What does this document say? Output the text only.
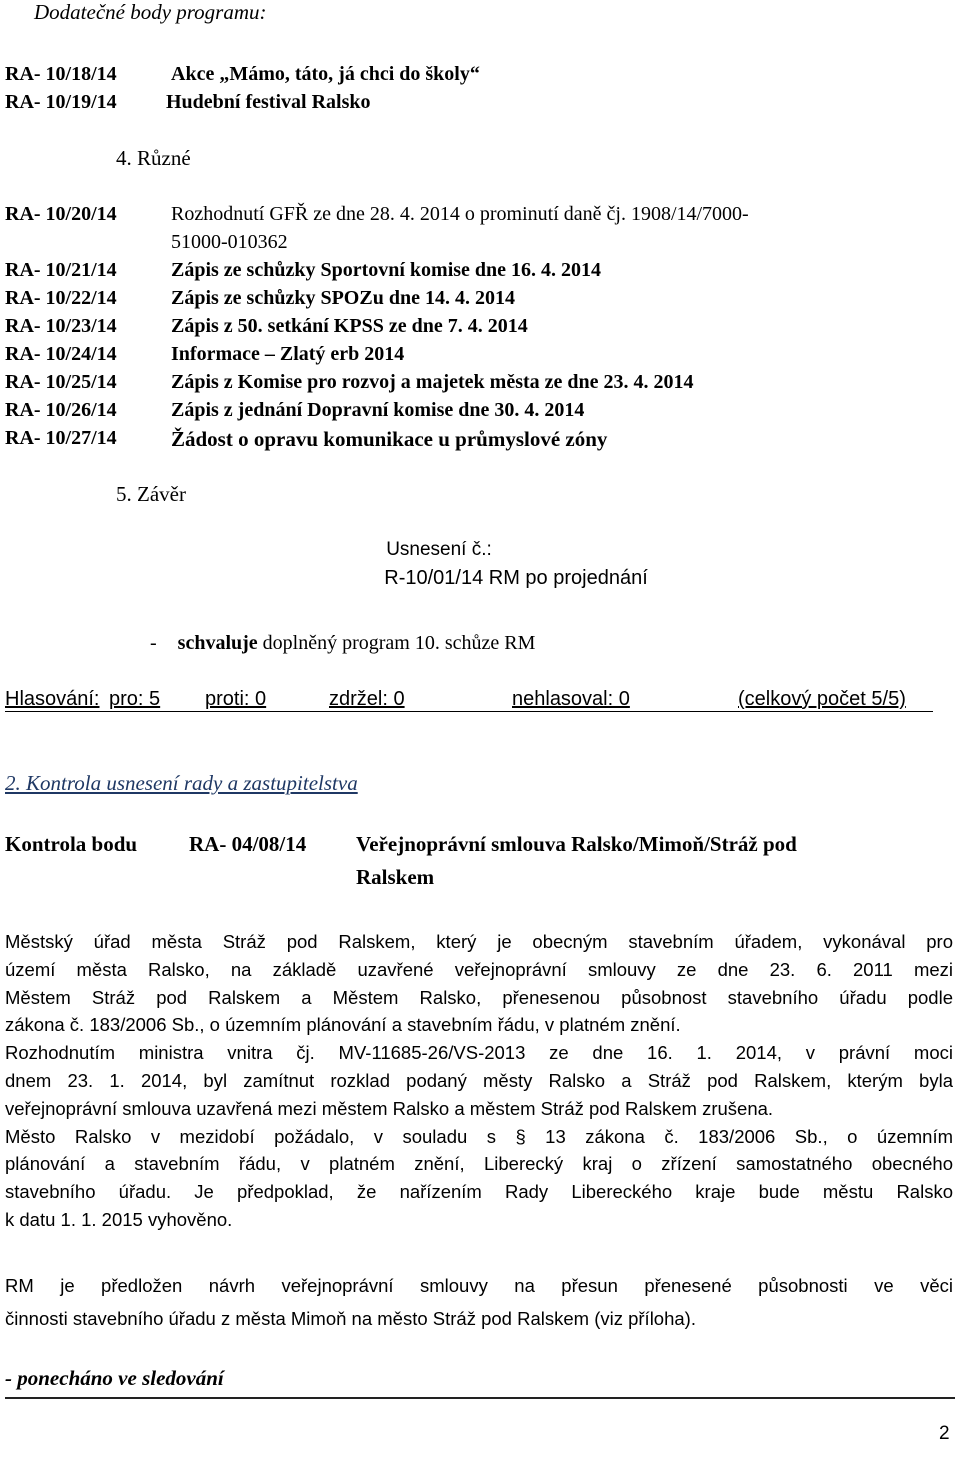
Dodatečné body programu:
RA- 10/18/14	Akce „Mámo, táto, já chci do školy“
RA- 10/19/14 Hudební festival Ralsko
4. Různé
RA- 10/20/14	Rozhodnutí GFŘ ze dne 28. 4. 2014 o prominutí daně čj. 1908/14/7000-
51000-010362
RA- 10/21/14	Zápis ze schůzky Sportovní komise dne 16. 4. 2014
RA- 10/22/14	Zápis ze schůzky SPOZu dne 14. 4. 2014
RA- 10/23/14	Zápis z 50. setkání KPSS ze dne 7. 4. 2014
RA- 10/24/14	Informace – Zlatý erb 2014
RA- 10/25/14	Zápis z Komise pro rozvoj a majetek města ze dne 23. 4. 2014
RA- 10/26/14	Zápis z jednání Dopravní komise dne 30. 4. 2014
RA- 10/27/14	Žádost o opravu komunikace u průmyslové zóny
5. Závěr
Usnesení č.:
R-10/01/14 RM po projednání
- schvaluje doplněný program 10. schůze RM
Hlasování: pro: 5 proti: 0	zdržel: 0	nehlasoval: 0	(celkový počet 5/5)
2. Kontrola usnesení rady a zastupitelstva
Kontrola bodu RA- 04/08/14 Veřejnoprávní smlouva Ralsko/Mimoň/Stráž pod
Ralskem
Městský úřad města Stráž pod Ralskem, který je obecným stavebním úřadem, vykonával pro
území města Ralsko, na základě uzavřené veřejnoprávní smlouvy ze dne 23. 6. 2011 mezi
Městem Stráž pod Ralskem a Městem Ralsko, přenesenou působnost stavebního úřadu podle
zákona č. 183/2006 Sb., o územním plánování a stavebním řádu, v platném znění.
Rozhodnutím ministra vnitra čj. MV-11685-26/VS-2013 ze dne 16. 1. 2014, v právní moci
dnem 23. 1. 2014, byl zamítnut rozklad podaný městy Ralsko a Stráž pod Ralskem, kterým byla
veřejnoprávní smlouva uzavřená mezi městem Ralsko a městem Stráž pod Ralskem zrušena.
Město Ralsko v mezidobí požádalo, v souladu s § 13 zákona č. 183/2006 Sb., o územním
plánování a stavebním řádu, v platném znění, Liberecký kraj o zřízení samostatného obecného
stavebního úřadu. Je předpoklad, že nařízením Rady Libereckého kraje bude městu Ralsko
k datu 1. 1. 2015 vyhověno.
RM je předložen návrh veřejnoprávní smlouvy na přesun přenesené působnosti ve věci
činnosti stavebního úřadu z města Mimoň na město Stráž pod Ralskem (viz příloha).
- ponecháno ve sledování
2
